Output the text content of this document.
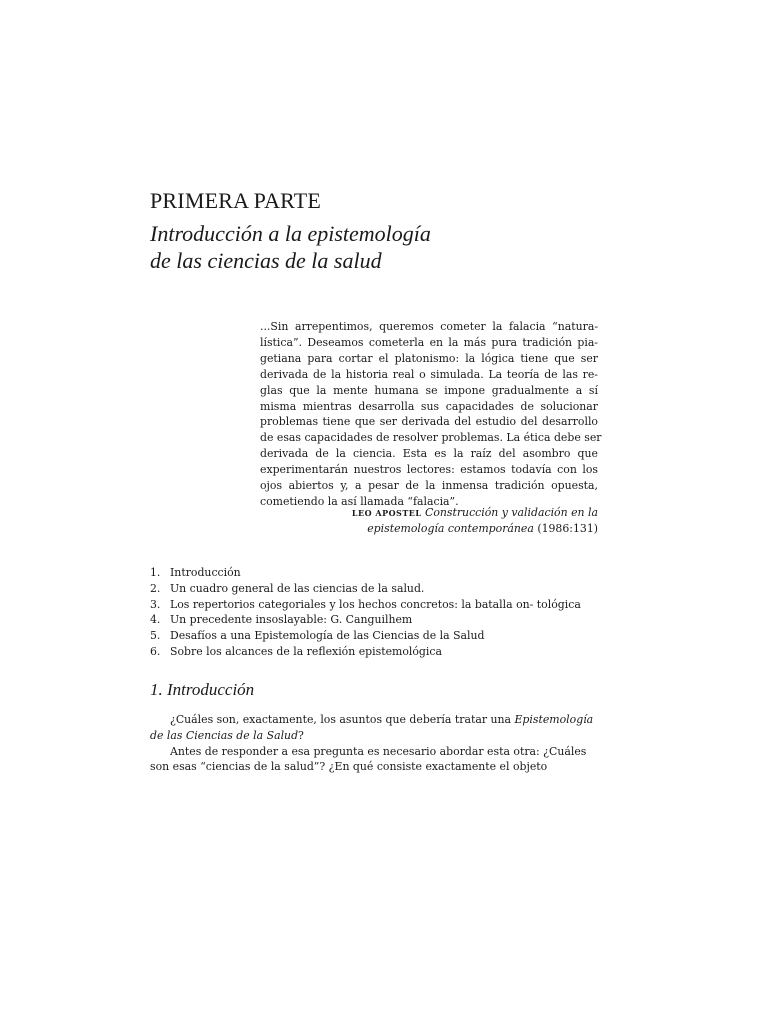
PRIMERA PARTE
Introducción a la epistemología
de las ciencias de la salud
...Sin arrepentimos, queremos cometer la falacia “natura-
lística”. Deseamos cometerla en la más pura tradición pia-
getiana para cortar el platonismo: la lógica tiene que ser
derivada de la historia real o simulada. La teoría de las re-
glas que la mente humana se impone gradualmente a sí
misma mientras desarrolla sus capacidades de solucionar
problemas tiene que ser derivada del estudio del desarrollo
de esas capacidades de resolver problemas. La ética debe ser
derivada de la ciencia. Esta es la raíz del asombro que
experimentarán nuestros lectores: estamos todavía con los
ojos abiertos y, a pesar de la inmensa tradición opuesta,
cometiendo la así llamada “falacia”.
LEO APOSTEL Construcción y validación en la
epistemología contemporánea (1986:131)
1. Introducción
2. Un cuadro general de las ciencias de la salud.
3. Los repertorios categoriales y los hechos concretos: la batalla on- tológica
4. Un precedente insoslayable: G. Canguilhem
5. Desafíos a una Epistemología de las Ciencias de la Salud
6. Sobre los alcances de la reflexión epistemológica
1. Introducción
¿Cuáles son, exactamente, los asuntos que debería tratar una Epistemología
de las Ciencias de la Salud?
Antes de responder a esa pregunta es necesario abordar esta otra: ¿Cuáles
son esas “ciencias de la salud”? ¿En qué consiste exactamente el objeto
